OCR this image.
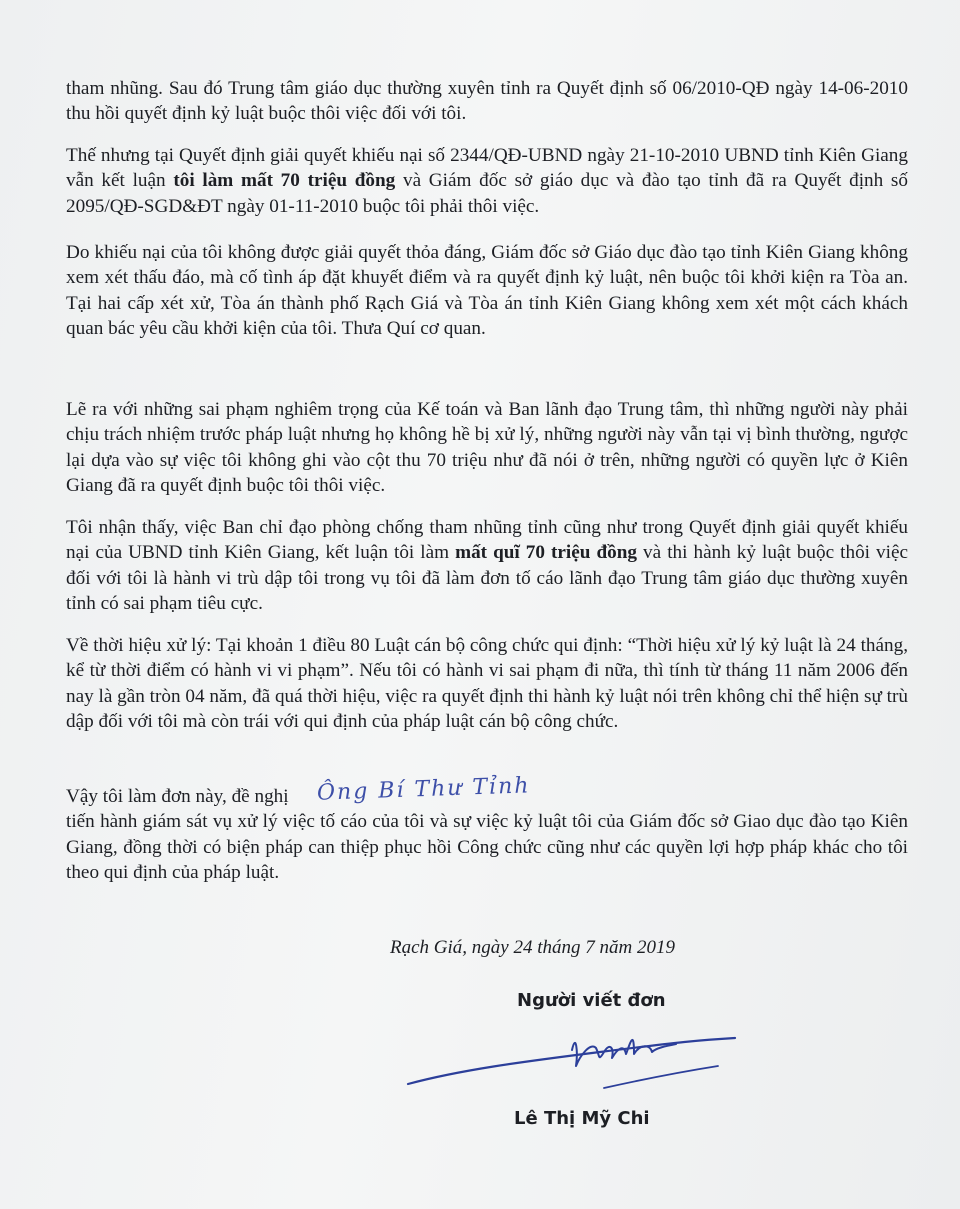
tham nhũng. Sau đó Trung tâm giáo dục thường xuyên tỉnh ra Quyết định số 06/2010-QĐ ngày 14-06-2010 thu hồi quyết định kỷ luật buộc thôi việc đối với tôi.

Thế nhưng tại Quyết định giải quyết khiếu nại số 2344/QĐ-UBND ngày 21-10-2010 UBND tỉnh Kiên Giang vẫn kết luận tôi làm mất 70 triệu đồng và Giám đốc sở giáo dục và đào tạo tỉnh đã ra Quyết định số 2095/QĐ-SGD&ĐT ngày 01-11-2010 buộc tôi phải thôi việc.

Do khiếu nại của tôi không được giải quyết thỏa đáng, Giám đốc sở Giáo dục đào tạo tỉnh Kiên Giang không xem xét thấu đáo, mà cố tình áp đặt khuyết điểm và ra quyết định kỷ luật, nên buộc tôi khởi kiện ra Tòa an. Tại hai cấp xét xử, Tòa án thành phố Rạch Giá và Tòa án tỉnh Kiên Giang không xem xét một cách khách quan bác yêu cầu khởi kiện của tôi. Thưa Quí cơ quan.

Lẽ ra với những sai phạm nghiêm trọng của Kế toán và Ban lãnh đạo Trung tâm, thì những người này phải chịu trách nhiệm trước pháp luật nhưng họ không hề bị xử lý, những người này vẫn tại vị bình thường, ngược lại dựa vào sự việc tôi không ghi vào cột thu 70 triệu như đã nói ở trên, những người có quyền lực ở Kiên Giang đã ra quyết định buộc tôi thôi việc.

Tôi nhận thấy, việc Ban chỉ đạo phòng chống tham nhũng tỉnh cũng như trong Quyết định giải quyết khiếu nại của UBND tỉnh Kiên Giang, kết luận tôi làm mất quĩ 70 triệu đồng và thi hành kỷ luật buộc thôi việc đối với tôi là hành vi trù dập tôi trong vụ tôi đã làm đơn tố cáo lãnh đạo Trung tâm giáo dục thường xuyên tỉnh có sai phạm tiêu cực.

Về thời hiệu xử lý: Tại khoản 1 điều 80 Luật cán bộ công chức qui định: “Thời hiệu xử lý kỷ luật là 24 tháng, kể từ thời điểm có hành vi vi phạm”. Nếu tôi có hành vi sai phạm đi nữa, thì tính từ tháng 11 năm 2006 đến nay là gần tròn 04 năm, đã quá thời hiệu, việc ra quyết định thi hành kỷ luật nói trên không chỉ thể hiện sự trù dập đối với tôi mà còn trái với qui định của pháp luật cán bộ công chức.

Vậy tôi làm đơn này, đề nghị Ông Bí Thư Tỉnh
tiến hành giám sát vụ xử lý việc tố cáo của tôi và sự việc kỷ luật tôi của Giám đốc sở Giao dục đào tạo Kiên Giang, đồng thời có biện pháp can thiệp phục hồi Công chức cũng như các quyền lợi hợp pháp khác cho tôi theo qui định của pháp luật.

Rạch Giá, ngày 24 tháng 7 năm 2019
Người viết đơn
Lê Thị Mỹ Chi
